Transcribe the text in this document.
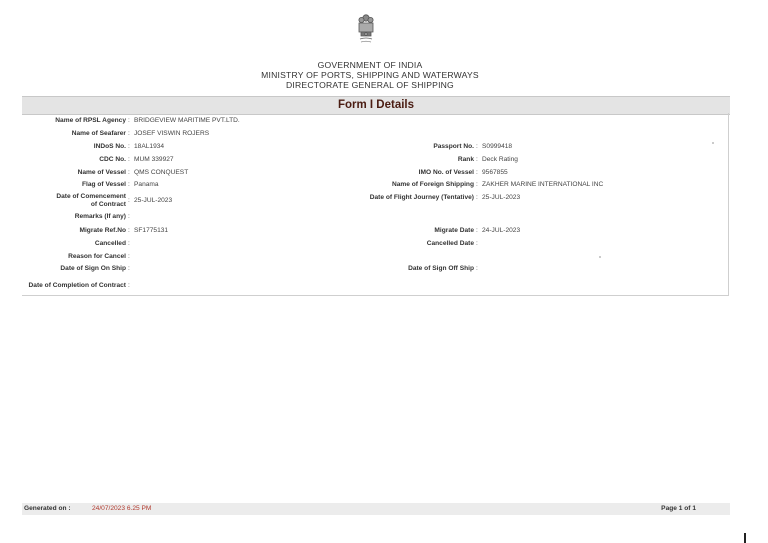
GOVERNMENT OF INDIA
MINISTRY OF PORTS, SHIPPING AND WATERWAYS
DIRECTORATE GENERAL OF SHIPPING
Form I Details
Name of RPSL Agency : BRIDGEVIEW MARITIME PVT.LTD.
Name of Seafarer : JOSEF VISWIN ROJERS
INDoS No. : 18AL1934
CDC No. : MUM 339927
Name of Vessel : QMS CONQUEST
Flag of Vessel : Panama
Date of Comencement
of Contract
: 25-JUL-2023
Remarks (If any) :
Migrate Ref.No : SF1775131
Cancelled :
Reason for Cancel :
Date of Sign On Ship :
Date of Completion of Contract :
Passport No. : S0999418
Rank : Deck Rating
IMO No. of Vessel : 9567855
Name of Foreign Shipping : ZAKHER MARINE INTERNATIONAL INC
Date of Flight Journey (Tentative) : 25-JUL-2023
Migrate Date : 24-JUL-2023
Cancelled Date :
Date of Sign Off Ship :
Generated on :	24/07/2023 6.25 PM	Page 1 of 1
